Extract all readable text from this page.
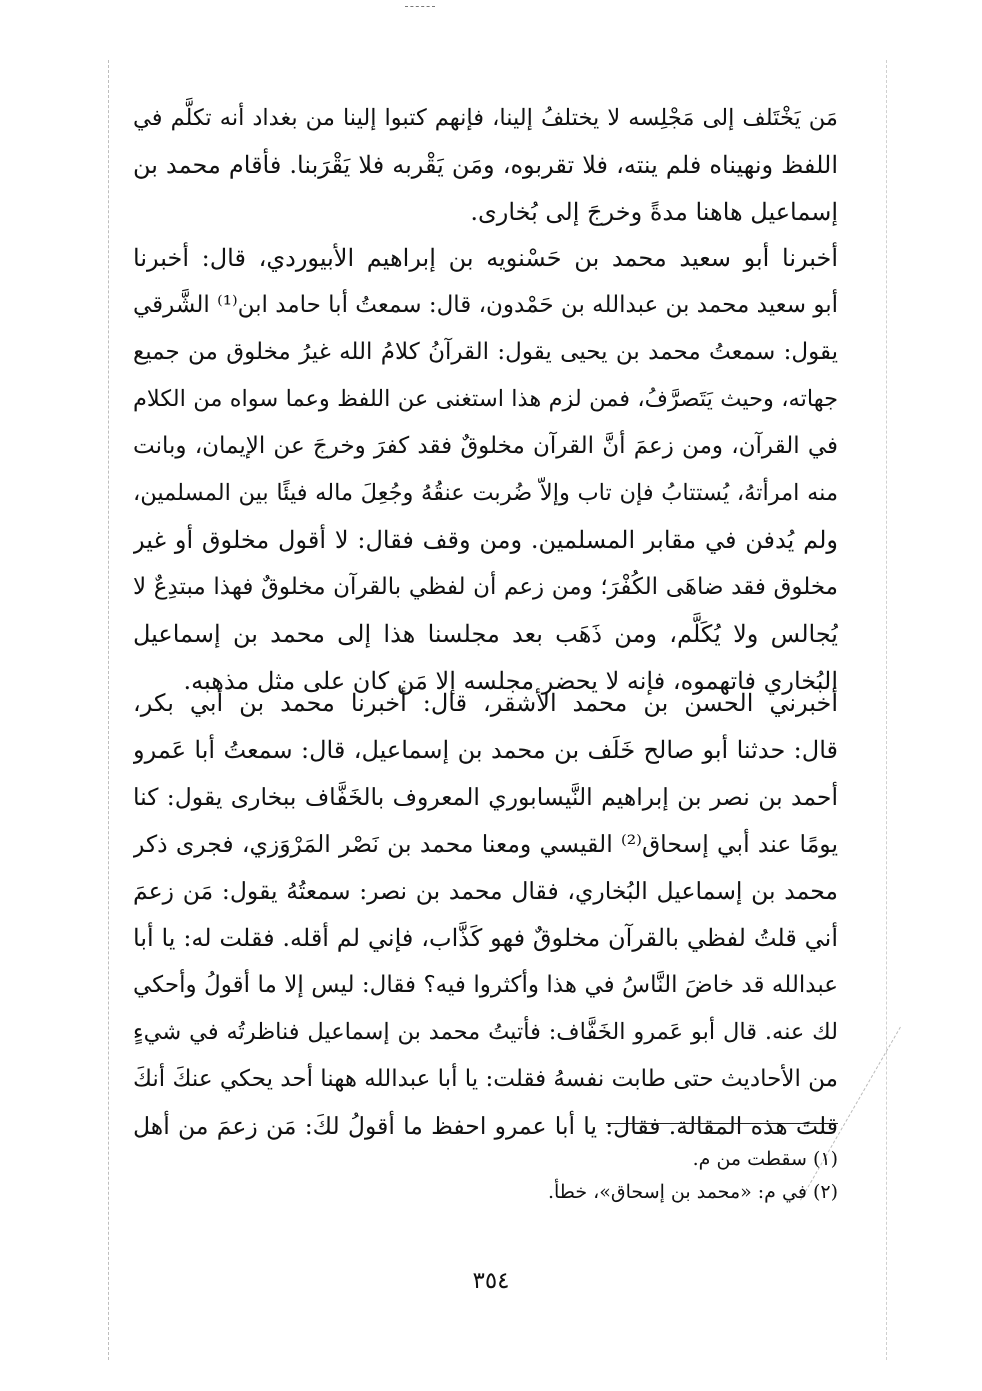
مَن يَخْتَلف إلى مَجْلِسه لا يختلفُ إلينا، فإنهم كتبوا إلينا من بغداد أنه تكلَّم في
اللفظ ونهيناه فلم ينته، فلا تقربوه، ومَن يَقْربه فلا يَقْرَبنا. فأقام محمد بن
إسماعيل هاهنا مدةً وخرجَ إلى بُخارى.

أخبرنا أبو سعيد محمد بن حَسْنويه بن إبراهيم الأبيوردي، قال: أخبرنا
أبو سعيد محمد بن عبدالله بن حَمْدون، قال: سمعتُ أبا حامد ابن⁽¹⁾ الشَّرقي
يقول: سمعتُ محمد بن يحيى يقول: القرآنُ كلامُ الله غيرُ مخلوق من جميع
جهاته، وحيث يَتَصرَّفُ، فمن لزم هذا استغنى عن اللفظ وعما سواه من الكلام
في القرآن، ومن زعمَ أنَّ القرآن مخلوقٌ فقد كفرَ وخرجَ عن الإيمان، وبانت
منه امرأتهُ، يُستتابُ فإن تاب وإلاّ ضُربت عنقُهُ وجُعِلَ ماله فيئًا بين المسلمين،
ولم يُدفن في مقابر المسلمين. ومن وقف فقال: لا أقول مخلوق أو غير
مخلوق فقد ضاهَى الكُفْرَ؛ ومن زعم أن لفظي بالقرآن مخلوقٌ فهذا مبتدِعٌ لا
يُجالس ولا يُكَلَّم، ومن ذَهَب بعد مجلسنا هذا إلى محمد بن إسماعيل
البُخاري فاتهموه، فإنه لا يحضر مجلسه إلا مَن كان على مثل مذهبه.

أخبرني الحسن بن محمد الأشقر، قال: أخبرنا محمد بن أبي بكر،
قال: حدثنا أبو صالح خَلَف بن محمد بن إسماعيل، قال: سمعتُ أبا عَمرو
أحمد بن نصر بن إبراهيم النَّيسابوري المعروف بالخَفَّاف ببخارى يقول: كنا
يومًا عند أبي إسحاق⁽²⁾ القيسي ومعنا محمد بن نَصْر المَرْوَزي، فجرى ذكر
محمد بن إسماعيل البُخاري، فقال محمد بن نصر: سمعتُهُ يقول: مَن زعمَ
أني قلتُ لفظي بالقرآن مخلوقٌ فهو كَذَّاب، فإني لم أقله. فقلت له: يا أبا
عبدالله قد خاضَ النَّاسُ في هذا وأكثروا فيه؟ فقال: ليس إلا ما أقولُ وأحكي
لك عنه. قال أبو عَمرو الخَفَّاف: فأتيتُ محمد بن إسماعيل فناظرتُه في شيءٍ
من الأحاديث حتى طابت نفسهُ فقلت: يا أبا عبدالله ههنا أحد يحكي عنكَ أنكَ
قلتَ هذه المقالة. فقال: يا أبا عمرو احفظ ما أقولُ لكَ: مَن زعمَ من أهل

(١) سقطت من م.
(٢) في م: «محمد بن إسحاق»، خطأ.
٣٥٤
